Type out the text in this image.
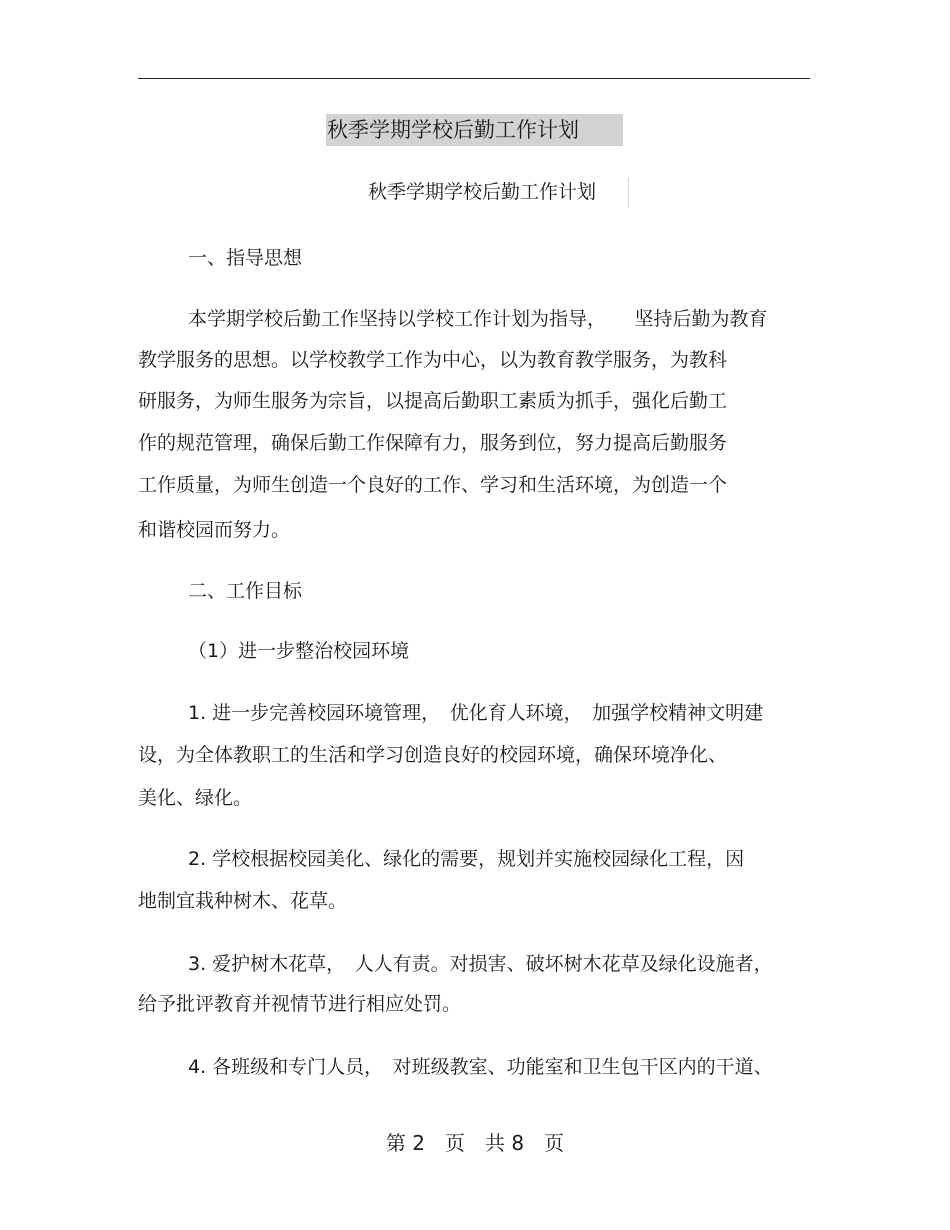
秋季学期学校后勤工作计划
秋季学期学校后勤工作计划
一、指导思想
本学期学校后勤工作坚持以学校工作计划为指导，　　坚持后勤为教育
教学服务的思想。以学校教学工作为中心，以为教育教学服务，为教科
研服务，为师生服务为宗旨，以提高后勤职工素质为抓手，强化后勤工
作的规范管理，确保后勤工作保障有力，服务到位，努力提高后勤服务
工作质量，为师生创造一个良好的工作、学习和生活环境，为创造一个
和谐校园而努力。
二、工作目标
（1）进一步整治校园环境
1. 进一步完善校园环境管理，　优化育人环境，　加强学校精神文明建
设，为全体教职工的生活和学习创造良好的校园环境，确保环境净化、
美化、绿化。
2. 学校根据校园美化、绿化的需要，规划并实施校园绿化工程，因
地制宜栽种树木、花草。
3. 爱护树木花草，　人人有责。对损害、破坏树木花草及绿化设施者，
给予批评教育并视情节进行相应处罚。
4. 各班级和专门人员，　对班级教室、功能室和卫生包干区内的干道、
第 2　页　共 8　页
